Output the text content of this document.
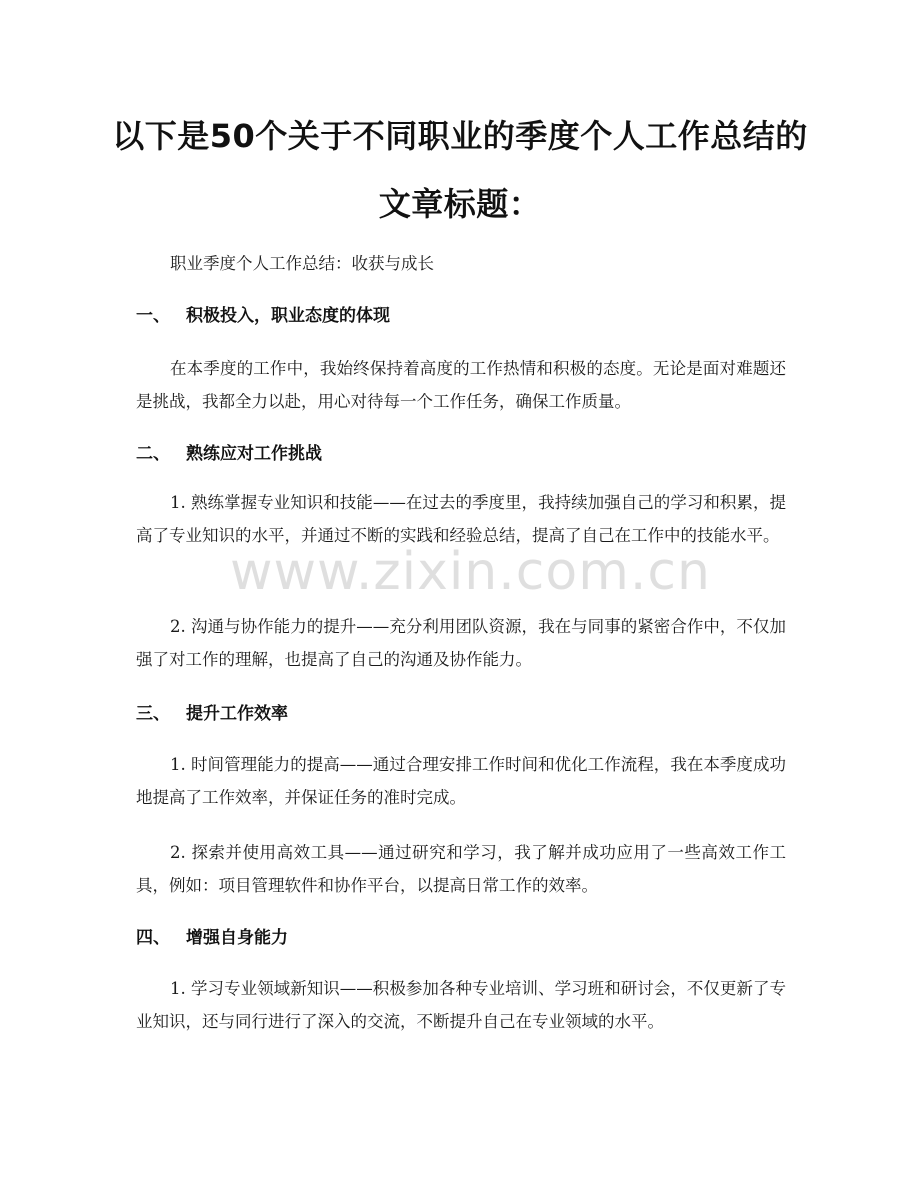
以下是50个关于不同职业的季度个人工作总结的文章标题：
职业季度个人工作总结：收获与成长
一、 积极投入，职业态度的体现
在本季度的工作中，我始终保持着高度的工作热情和积极的态度。无论是面对难题还是挑战，我都全力以赴，用心对待每一个工作任务，确保工作质量。
二、 熟练应对工作挑战
1. 熟练掌握专业知识和技能——在过去的季度里，我持续加强自己的学习和积累，提高了专业知识的水平，并通过不断的实践和经验总结，提高了自己在工作中的技能水平。
2. 沟通与协作能力的提升——充分利用团队资源，我在与同事的紧密合作中，不仅加强了对工作的理解，也提高了自己的沟通及协作能力。
三、 提升工作效率
1. 时间管理能力的提高——通过合理安排工作时间和优化工作流程，我在本季度成功地提高了工作效率，并保证任务的准时完成。
2. 探索并使用高效工具——通过研究和学习，我了解并成功应用了一些高效工作工具，例如：项目管理软件和协作平台，以提高日常工作的效率。
四、 增强自身能力
1. 学习专业领域新知识——积极参加各种专业培训、学习班和研讨会，不仅更新了专业知识，还与同行进行了深入的交流，不断提升自己在专业领域的水平。
www.zixin.com.cn
